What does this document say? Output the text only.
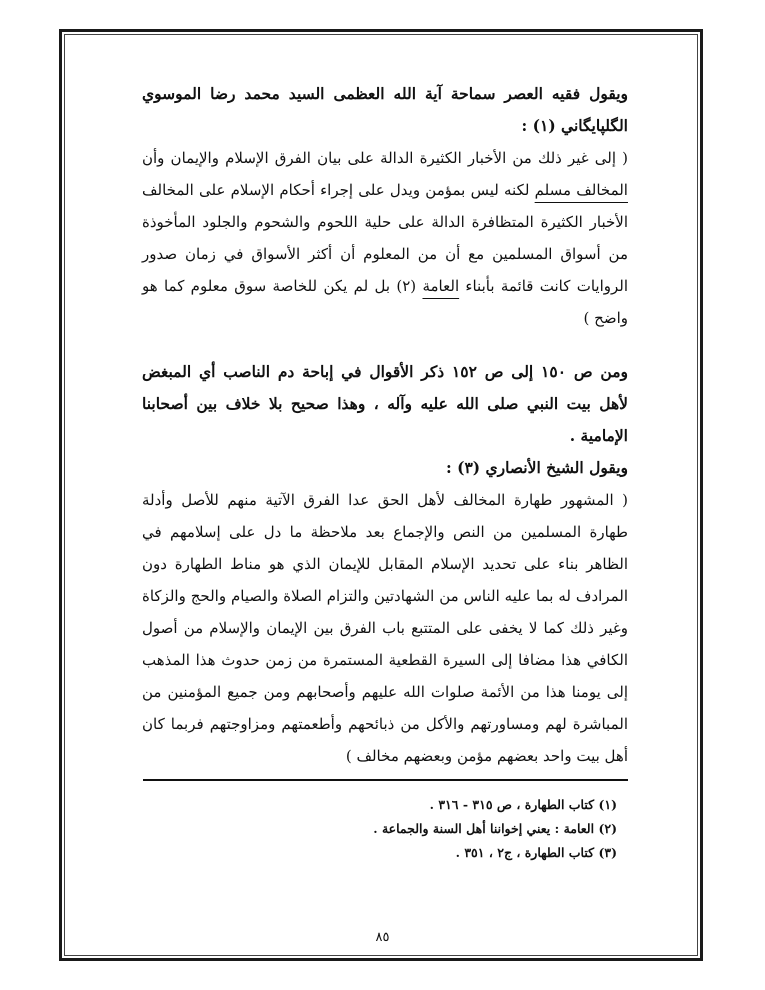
ويقول فقيه العصر سماحة آية الله العظمى السيد محمد رضا الموسوي الگلپايگاني (١) :

( إلى غير ذلك من الأخبار الكثيرة الدالة على بيان الفرق الإسلام والإيمان وأن المخالف مسلم لكنه ليس بمؤمن ويدل على إجراء أحكام الإسلام على المخالف الأخبار الكثيرة المتظافرة الدالة على حلية اللحوم والشحوم والجلود المأخوذة من أسواق المسلمين مع أن من المعلوم أن أكثر الأسواق في زمان صدور الروايات كانت قائمة بأبناء العامة (٢) بل لم يكن للخاصة سوق معلوم كما هو واضح )

ومن ص ١٥٠ إلى ص ١٥٢ ذكر الأقوال في إباحة دم الناصب أي المبغض لأهل بيت النبي صلى الله عليه وآله ، وهذا صحيح بلا خلاف بين أصحابنا الإمامية .

ويقول الشيخ الأنصاري (٣) :

( المشهور طهارة المخالف لأهل الحق عدا الفرق الآتية منهم للأصل وأدلة طهارة المسلمين من النص والإجماع بعد ملاحظة ما دل على إسلامهم في الظاهر بناء على تحديد الإسلام المقابل للإيمان الذي هو مناط الطهارة دون المرادف له بما عليه الناس من الشهادتين والتزام الصلاة والصيام والحج والزكاة وغير ذلك كما لا يخفى على المتتبع باب الفرق بين الإيمان والإسلام من أصول الكافي هذا مضافا إلى السيرة القطعية المستمرة من زمن حدوث هذا المذهب إلى يومنا هذا من الأئمة صلوات الله عليهم وأصحابهم ومن جميع المؤمنين من المباشرة لهم ومساورتهم والأكل من ذبائحهم وأطعمتهم ومزاوجتهم فربما كان أهل بيت واحد بعضهم مؤمن وبعضهم مخالف )

(١) كتاب الطهارة ، ص ٣١٥ - ٣١٦ .
(٢) العامة : يعني إخواننا أهل السنة والجماعة .
(٣) كتاب الطهارة ، ج٢ ، ٣٥١ .
٨٥
